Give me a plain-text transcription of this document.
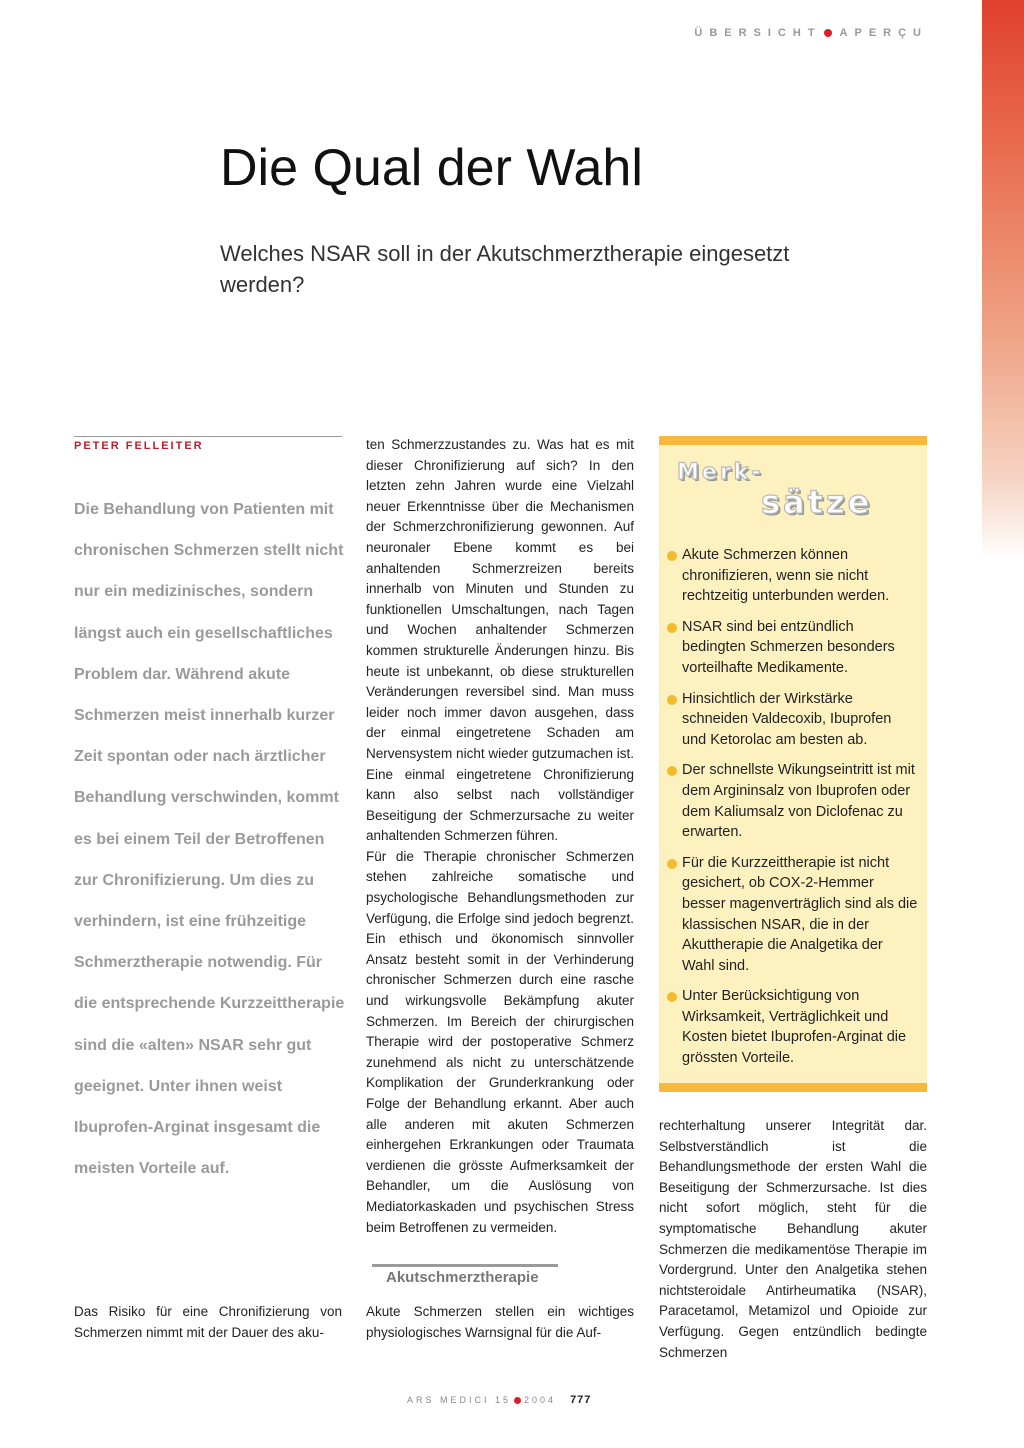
ÜBERSICHT APERÇU
Die Qual der Wahl

Welches NSAR soll in der Akutschmerztherapie eingesetzt werden?

PETER FELLEITER
Die Behandlung von Patienten mit chronischen Schmerzen stellt nicht nur ein medizinisches, sondern längst auch ein gesellschaftliches Problem dar. Während akute Schmerzen meist innerhalb kurzer Zeit spontan oder nach ärztlicher Behandlung verschwinden, kommt es bei einem Teil der Betroffenen zur Chronifizierung. Um dies zu verhindern, ist eine frühzeitige Schmerztherapie notwendig. Für die entsprechende Kurzzeittherapie sind die «alten» NSAR sehr gut geeignet. Unter ihnen weist Ibuprofen-Arginat insgesamt die meisten Vorteile auf.
Das Risiko für eine Chronifizierung von Schmerzen nimmt mit der Dauer des aku-
ten Schmerzzustandes zu. Was hat es mit dieser Chronifizierung auf sich? In den letzten zehn Jahren wurde eine Vielzahl neuer Erkenntnisse über die Mechanismen der Schmerzchronifizierung gewonnen. Auf neuronaler Ebene kommt es bei anhaltenden Schmerzreizen bereits innerhalb von Minuten und Stunden zu funktionellen Umschaltungen, nach Tagen und Wochen anhaltender Schmerzen kommen strukturelle Änderungen hinzu. Bis heute ist unbekannt, ob diese strukturellen Veränderungen reversibel sind. Man muss leider noch immer davon ausgehen, dass der einmal eingetretene Schaden am Nervensystem nicht wieder gutzumachen ist. Eine einmal eingetretene Chronifizierung kann also selbst nach vollständiger Beseitigung der Schmerzursache zu weiter anhaltenden Schmerzen führen.
Für die Therapie chronischer Schmerzen stehen zahlreiche somatische und psychologische Behandlungsmethoden zur Verfügung, die Erfolge sind jedoch begrenzt. Ein ethisch und ökonomisch sinnvoller Ansatz besteht somit in der Verhinderung chronischer Schmerzen durch eine rasche und wirkungsvolle Bekämpfung akuter Schmerzen. Im Bereich der chirurgischen Therapie wird der postoperative Schmerz zunehmend als nicht zu unterschätzende Komplikation der Grunderkrankung oder Folge der Behandlung erkannt. Aber auch alle anderen mit akuten Schmerzen einhergehen Erkrankungen oder Traumata verdienen die grösste Aufmerksamkeit der Behandler, um die Auslösung von Mediatorkaskaden und psychischen Stress beim Betroffenen zu vermeiden.
Akutschmerztherapie
Akute Schmerzen stellen ein wichtiges physiologisches Warnsignal für die Auf-
Merk-
sätze
Akute Schmerzen können chronifizieren, wenn sie nicht rechtzeitig unterbunden werden.
NSAR sind bei entzündlich bedingten Schmerzen besonders vorteilhafte Medikamente.
Hinsichtlich der Wirkstärke schneiden Valdecoxib, Ibuprofen und Ketorolac am besten ab.
Der schnellste Wikungseintritt ist mit dem Argininsalz von Ibuprofen oder dem Kaliumsalz von Diclofenac zu erwarten.
Für die Kurzzeittherapie ist nicht gesichert, ob COX-2-Hemmer besser magenverträglich sind als die klassischen NSAR, die in der Akuttherapie die Analgetika der Wahl sind.
Unter Berücksichtigung von Wirksamkeit, Verträglichkeit und Kosten bietet Ibuprofen-Arginat die grössten Vorteile.
rechterhaltung unserer Integrität dar. Selbstverständlich ist die Behandlungsmethode der ersten Wahl die Beseitigung der Schmerzursache. Ist dies nicht sofort möglich, steht für die symptomatische Behandlung akuter Schmerzen die medikamentöse Therapie im Vordergrund. Unter den Analgetika stehen nichtsteroidale Antirheumatika (NSAR), Paracetamol, Metamizol und Opioide zur Verfügung. Gegen entzündlich bedingte Schmerzen
ARS MEDICI 15 2004 777
